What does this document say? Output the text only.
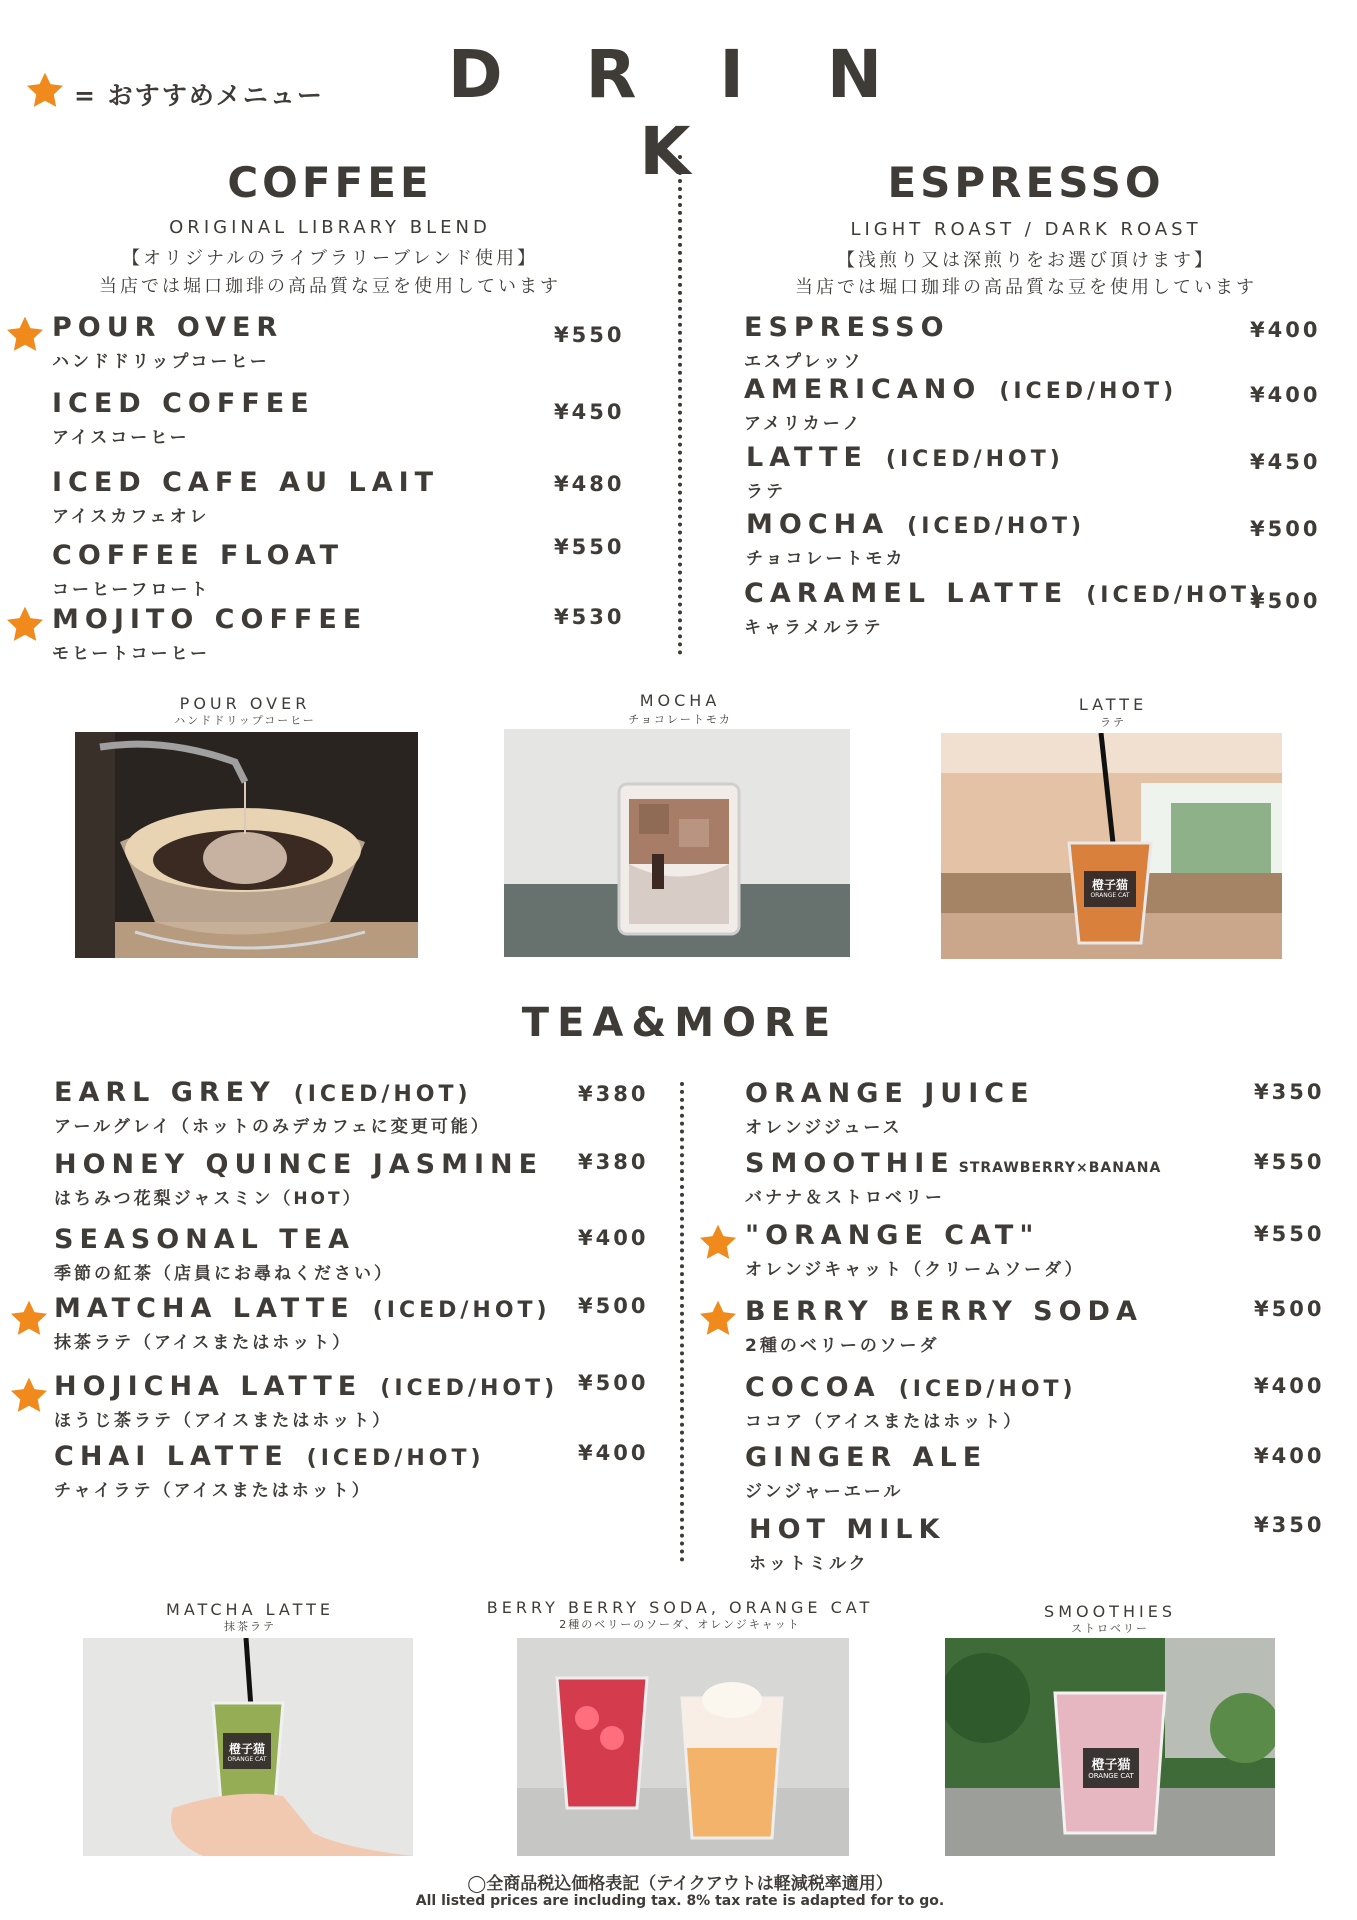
= おすすめメニュー	D R I N K
COFFEE
ORIGINAL LIBRARY BLEND
【オリジナルのライブラリーブレンド使用】
当店では堀口珈琲の高品質な豆を使用しています
POUR OVER
ハンドドリップコーヒー
¥550
ICED COFFEE
アイスコーヒー
¥450
ICED CAFE AU LAIT
アイスカフェオレ
¥480
COFFEE FLOAT
コーヒーフロート
¥550
MOJITO COFFEE
モヒートコーヒー
¥530
ESPRESSO
LIGHT ROAST / DARK ROAST
【浅煎り又は深煎りをお選び頂けます】
当店では堀口珈琲の高品質な豆を使用しています
ESPRESSO
エスプレッソ
¥400
AMERICANO (ICED/HOT)
アメリカーノ
¥400
LATTE (ICED/HOT)
ラテ
¥450
MOCHA (ICED/HOT)
チョコレートモカ
¥500
CARAMEL LATTE (ICED/HOT)
キャラメルラテ
¥500
POUR OVER
ハンドドリップコーヒー
MOCHA
チョコレートモカ
LATTE
ラテ
橙子猫
ORANGE CAT
TEA&MORE
EARL GREY (ICED/HOT)
アールグレイ（ホットのみデカフェに変更可能）
¥380
HONEY QUINCE JASMINE
はちみつ花梨ジャスミン（HOT）
¥380
SEASONAL TEA
季節の紅茶（店員にお尋ねください）
¥400
MATCHA LATTE (ICED/HOT)
抹茶ラテ（アイスまたはホット）
¥500
HOJICHA LATTE (ICED/HOT)
ほうじ茶ラテ（アイスまたはホット）
¥500
CHAI LATTE (ICED/HOT)
チャイラテ（アイスまたはホット）
¥400
ORANGE JUICE
オレンジジュース
¥350
SMOOTHIE STRAWBERRY×BANANA
バナナ＆ストロベリー
¥550
"ORANGE CAT"
オレンジキャット（クリームソーダ）
¥550
BERRY BERRY SODA
2種のベリーのソーダ
¥500
COCOA (ICED/HOT)
ココア（アイスまたはホット）
¥400
GINGER ALE
ジンジャーエール
¥400
HOT MILK
ホットミルク
¥350
MATCHA LATTE
抹茶ラテ
BERRY BERRY SODA, ORANGE CAT
2種のベリーのソーダ、オレンジキャット
SMOOTHIES
ストロベリー
橙子猫
ORANGE CAT	橙子猫
ORANGE CAT
◯全商品税込価格表記（テイクアウトは軽減税率適用）
All listed prices are including tax. 8% tax rate is adapted for to go.
